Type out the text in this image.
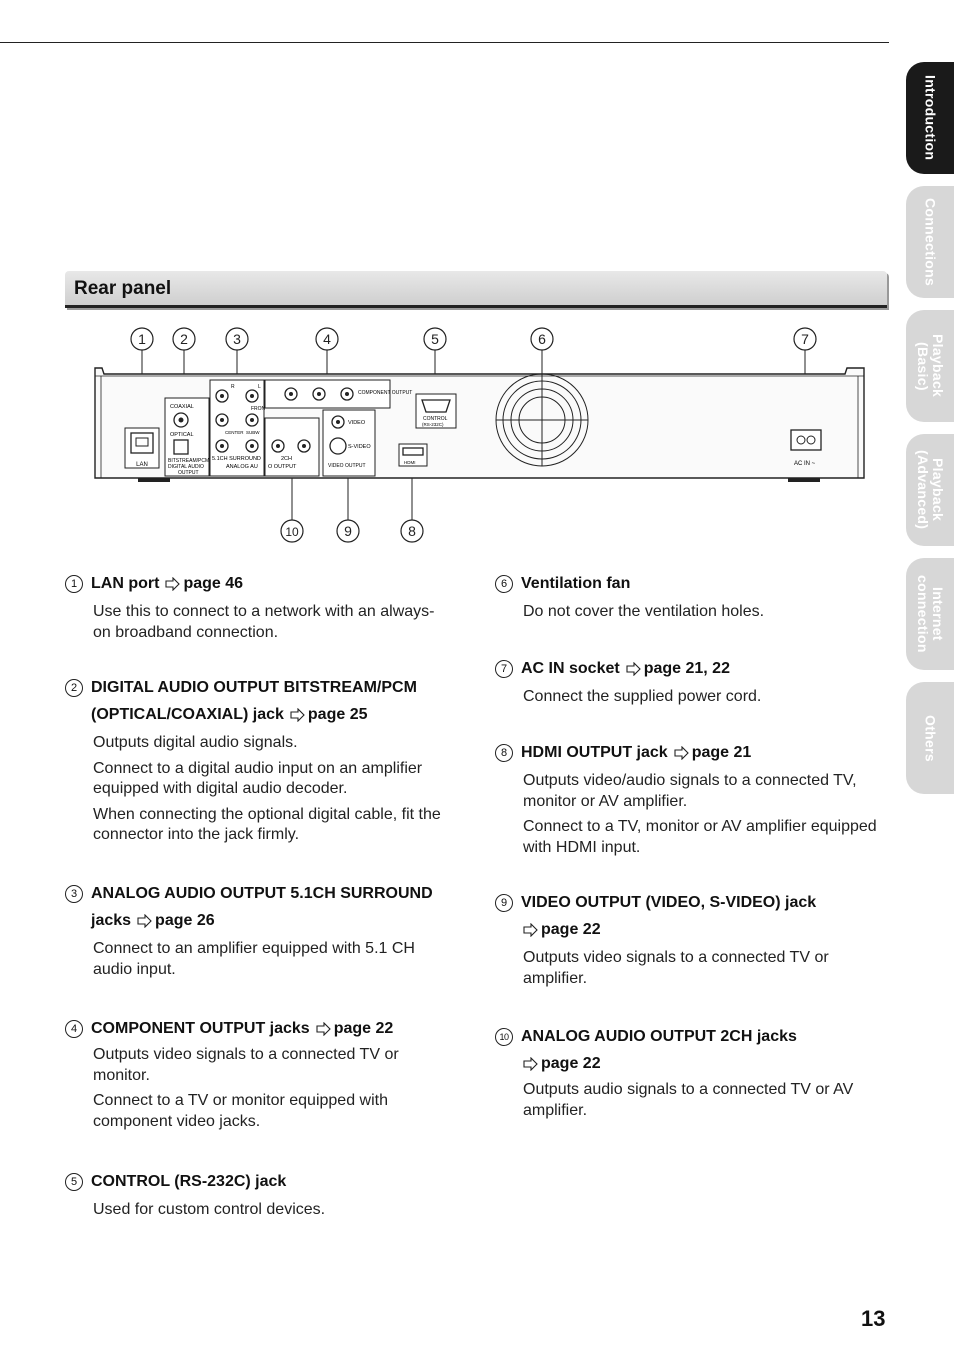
Introduction
Connections
Playback
(Basic)
Playback
(Advanced)
Internet
connection
Others
Rear panel
1 2	3	4	5	6	7
10	9	8
LAN
COAXIAL
OPTICAL
BITSTREAM/PCM
DIGITAL AUDIO
OUTPUT
R	L
FRON
CENTER SUBW
5.1CH SURROUND
ANALOG AU
2CH
O OUTPUT
COMPONENT OUTPUT
VIDEO
S-VIDEO
VIDEO OUTPUT
HDMI
CONTROL
(RS-232C)
AC IN ~
1 LAN port page 46

Use this to connect to a network with an always-on broadband connection.

2 DIGITAL AUDIO OUTPUT BITSTREAM/PCM (OPTICAL/COAXIAL) jack page 25

Outputs digital audio signals.

Connect to a digital audio input on an amplifier equipped with digital audio decoder.

When connecting the optional digital cable, fit the connector into the jack firmly.

3 ANALOG AUDIO OUTPUT 5.1CH SURROUND jacks page 26

Connect to an amplifier equipped with 5.1 CH audio input.

4 COMPONENT OUTPUT jacks page 22

Outputs video signals to a connected TV or monitor.

Connect to a TV or monitor equipped with component video jacks.

5 CONTROL (RS-232C) jack

Used for custom control devices.

6 Ventilation fan

Do not cover the ventilation holes.

7 AC IN socket page 21, 22

Connect the supplied power cord.

8 HDMI OUTPUT jack page 21

Outputs video/audio signals to a connected TV, monitor or AV amplifier.

Connect to a TV, monitor or AV amplifier equipped with HDMI input.

9 VIDEO OUTPUT (VIDEO, S-VIDEO) jack
page 22

Outputs video signals to a connected TV or amplifier.

10 ANALOG AUDIO OUTPUT 2CH jacks
page 22

Outputs audio signals to a connected TV or AV amplifier.

13
